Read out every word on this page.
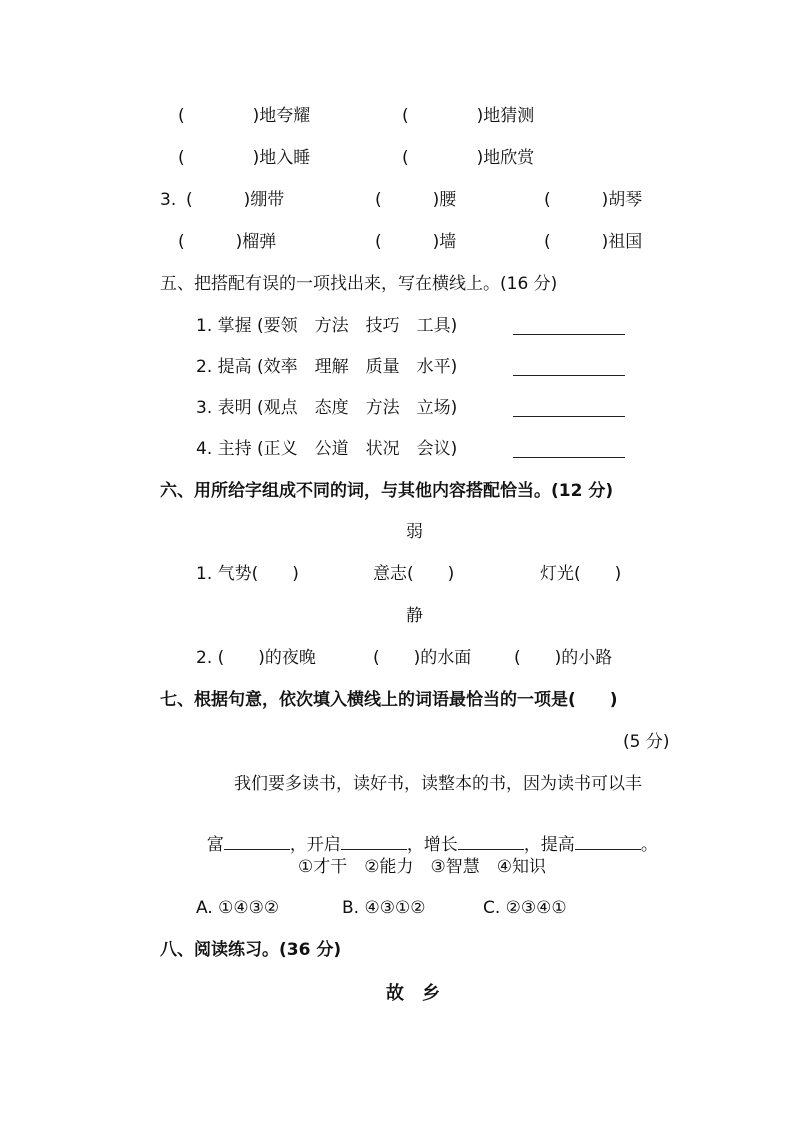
(　　　　)地夸耀	(　　　　)地猜测
(　　　　)地入睡	(　　　　)地欣赏
3. (　　　)绷带	(　　　)腰	(　　　)胡琴
(　　　)榴弹	(　　　)墙	(　　　)祖国
五、把搭配有误的一项找出来，写在横线上。(16 分)
1. 掌握 (要领　方法　技巧　工具)
2. 提高 (效率　理解　质量　水平)
3. 表明 (观点　态度　方法　立场)
4. 主持 (正义　公道　状况　会议)
六、用所给字组成不同的词，与其他内容搭配恰当。(12 分)
弱
1. 气势(　　)	意志(　　)	灯光(　　)
静
2. (　　)的夜晚	(　　)的水面	(　　)的小路
七、根据句意，依次填入横线上的词语最恰当的一项是(　　)
(5 分)
我们要多读书，读好书，读整本的书，因为读书可以丰

富	，开启	，增长	，提高	。

①才干　②能力　③智慧　④知识
A. ①④③②	B. ④③①②	C. ②③④①
八、阅读练习。(36 分)
故　乡
